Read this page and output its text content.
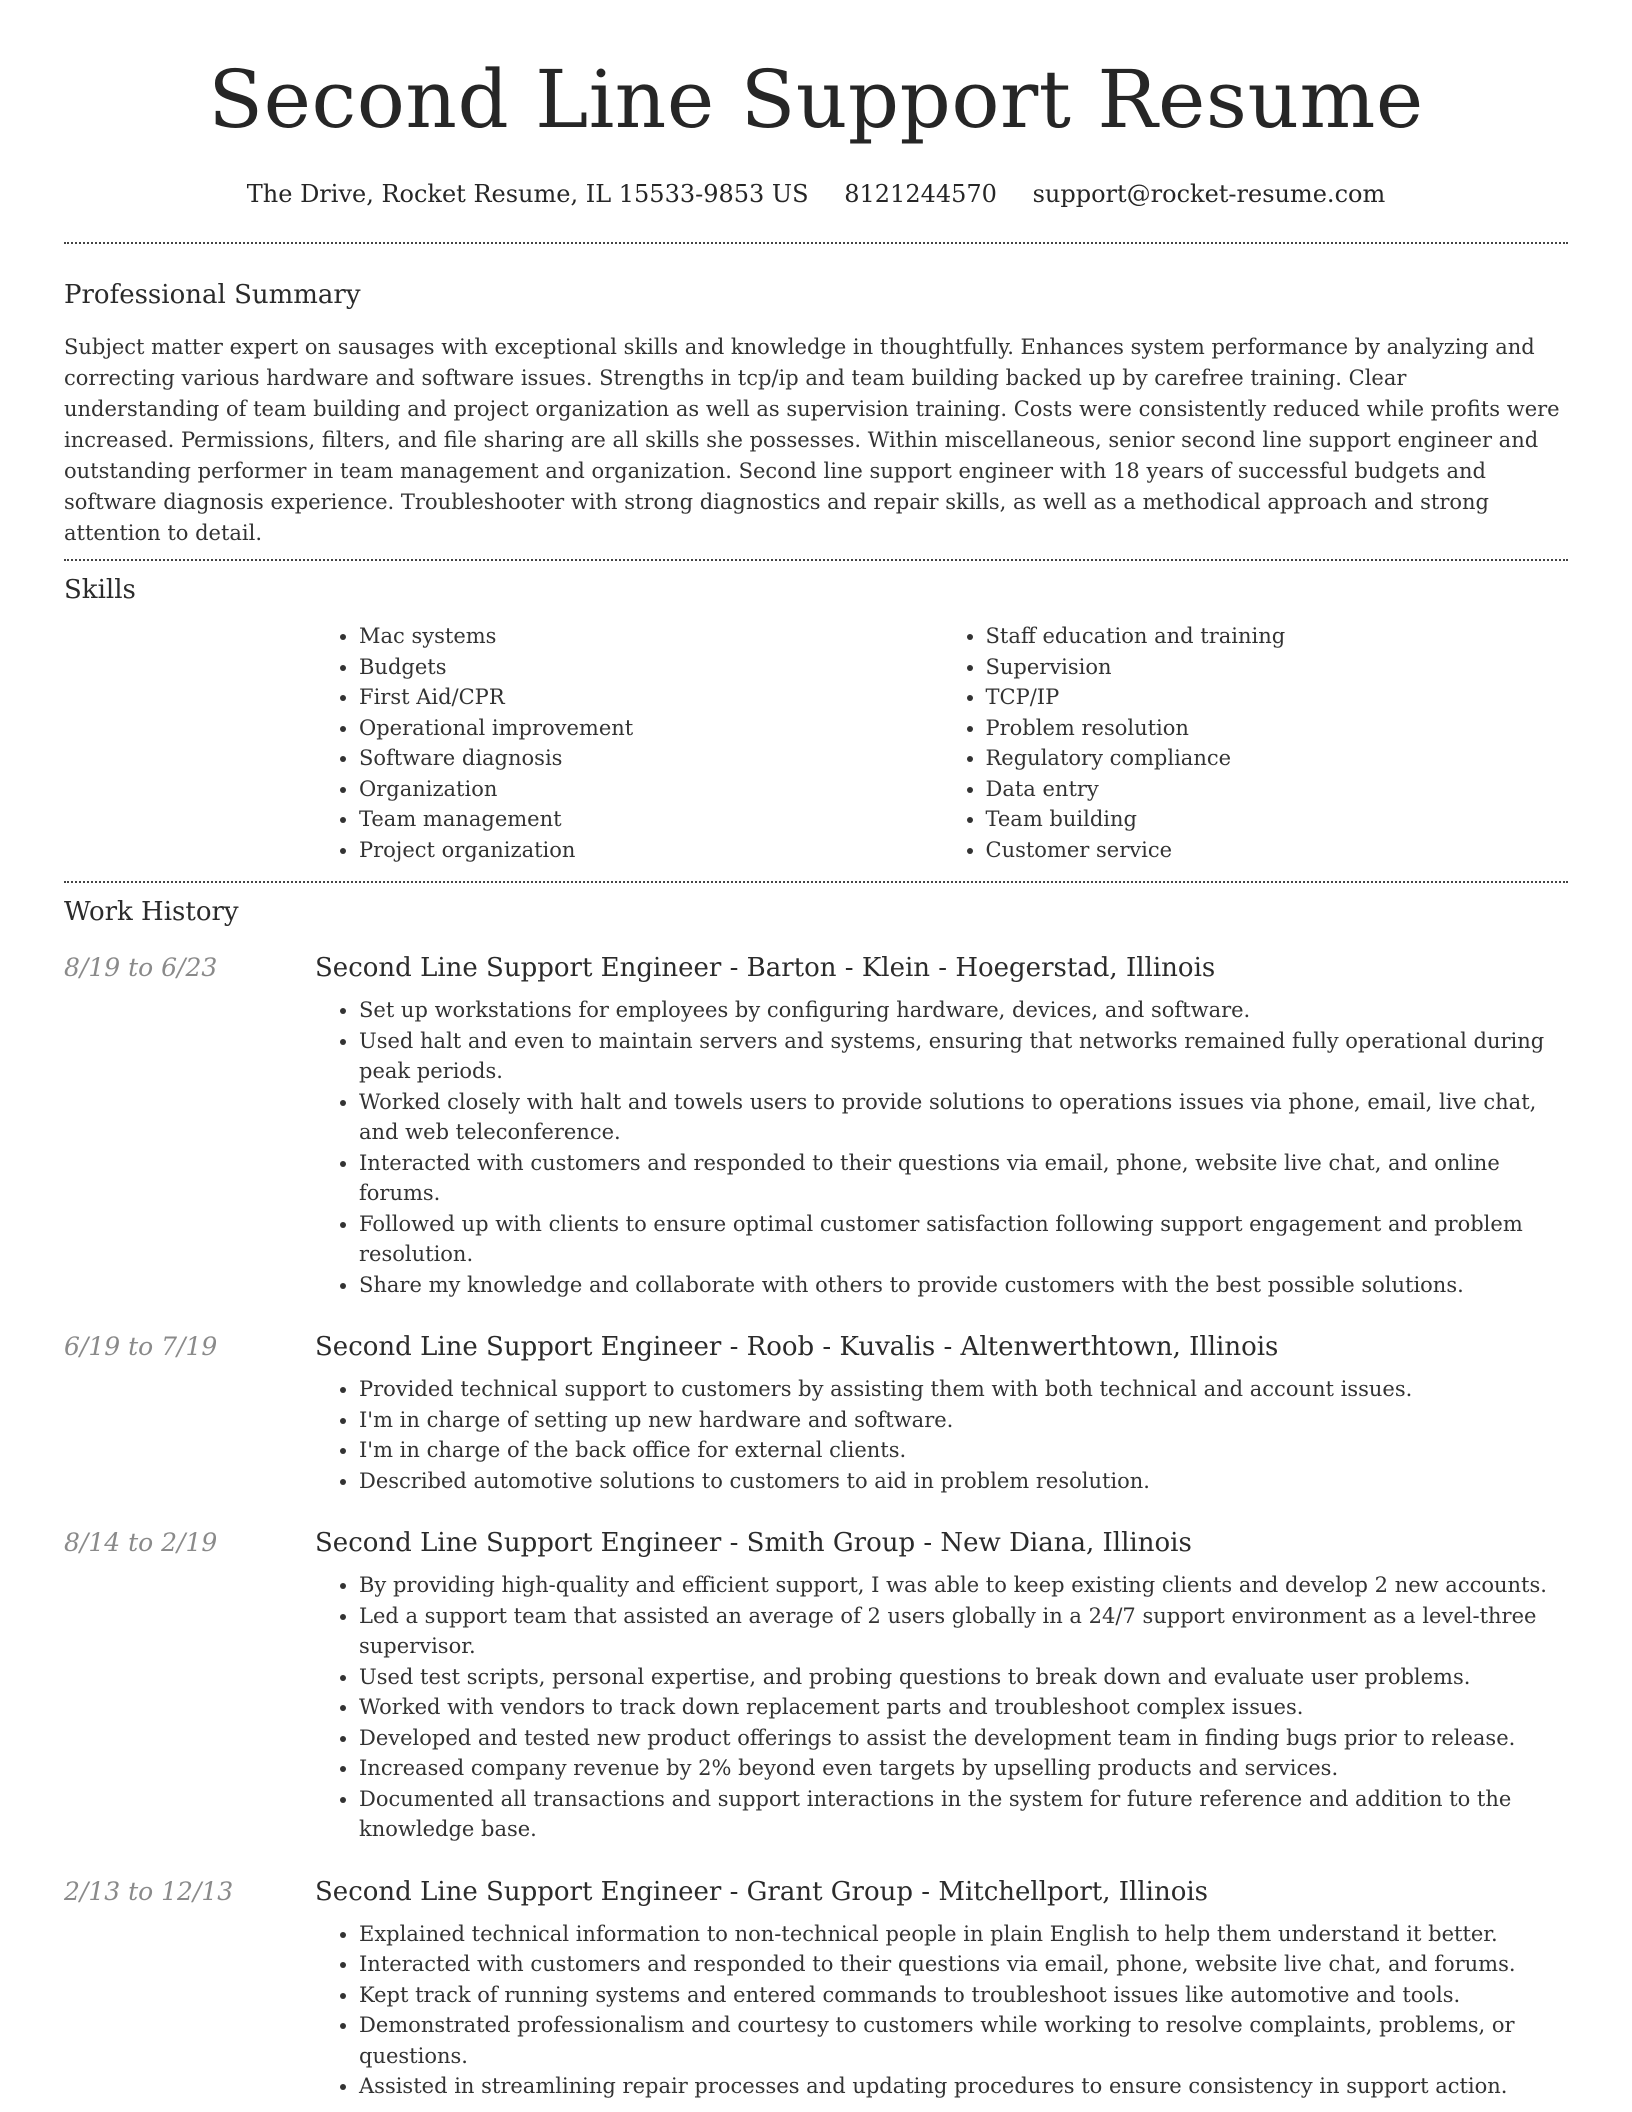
Second Line Support Resume
The Drive, Rocket Resume, IL 15533-9853 US 8121244570 support@rocket-resume.com
Professional Summary

Subject matter expert on sausages with exceptional skills and knowledge in thoughtfully. Enhances system performance by analyzing and correcting various hardware and software issues. Strengths in tcp/ip and team building backed up by carefree training. Clear understanding of team building and project organization as well as supervision training. Costs were consistently reduced while profits were increased. Permissions, filters, and file sharing are all skills she possesses. Within miscellaneous, senior second line support engineer and outstanding performer in team management and organization. Second line support engineer with 18 years of successful budgets and software diagnosis experience. Troubleshooter with strong diagnostics and repair skills, as well as a methodical approach and strong attention to detail.

Skills
• Mac systems
• Budgets
• First Aid/CPR
• Operational improvement
• Software diagnosis
• Organization
• Team management
• Project organization
• Staff education and training
• Supervision
• TCP/IP
• Problem resolution
• Regulatory compliance
• Data entry
• Team building
• Customer service
Work History
8/19 to 6/23	Second Line Support Engineer - Barton - Klein - Hoegerstad, Illinois
• Set up workstations for employees by configuring hardware, devices, and software.
• Used halt and even to maintain servers and systems, ensuring that networks remained fully operational during peak periods.
• Worked closely with halt and towels users to provide solutions to operations issues via phone, email, live chat, and web teleconference.
• Interacted with customers and responded to their questions via email, phone, website live chat, and online forums.
• Followed up with clients to ensure optimal customer satisfaction following support engagement and problem resolution.
• Share my knowledge and collaborate with others to provide customers with the best possible solutions.
6/19 to 7/19	Second Line Support Engineer - Roob - Kuvalis - Altenwerthtown, Illinois
• Provided technical support to customers by assisting them with both technical and account issues.
• I'm in charge of setting up new hardware and software.
• I'm in charge of the back office for external clients.
• Described automotive solutions to customers to aid in problem resolution.
8/14 to 2/19	Second Line Support Engineer - Smith Group - New Diana, Illinois
• By providing high-quality and efficient support, I was able to keep existing clients and develop 2 new accounts.
• Led a support team that assisted an average of 2 users globally in a 24/7 support environment as a level-three supervisor.
• Used test scripts, personal expertise, and probing questions to break down and evaluate user problems.
• Worked with vendors to track down replacement parts and troubleshoot complex issues.
• Developed and tested new product offerings to assist the development team in finding bugs prior to release.
• Increased company revenue by 2% beyond even targets by upselling products and services.
• Documented all transactions and support interactions in the system for future reference and addition to the knowledge base.
2/13 to 12/13	Second Line Support Engineer - Grant Group - Mitchellport, Illinois
• Explained technical information to non-technical people in plain English to help them understand it better.
• Interacted with customers and responded to their questions via email, phone, website live chat, and forums.
• Kept track of running systems and entered commands to troubleshoot issues like automotive and tools.
• Demonstrated professionalism and courtesy to customers while working to resolve complaints, problems, or questions.
• Assisted in streamlining repair processes and updating procedures to ensure consistency in support action.
